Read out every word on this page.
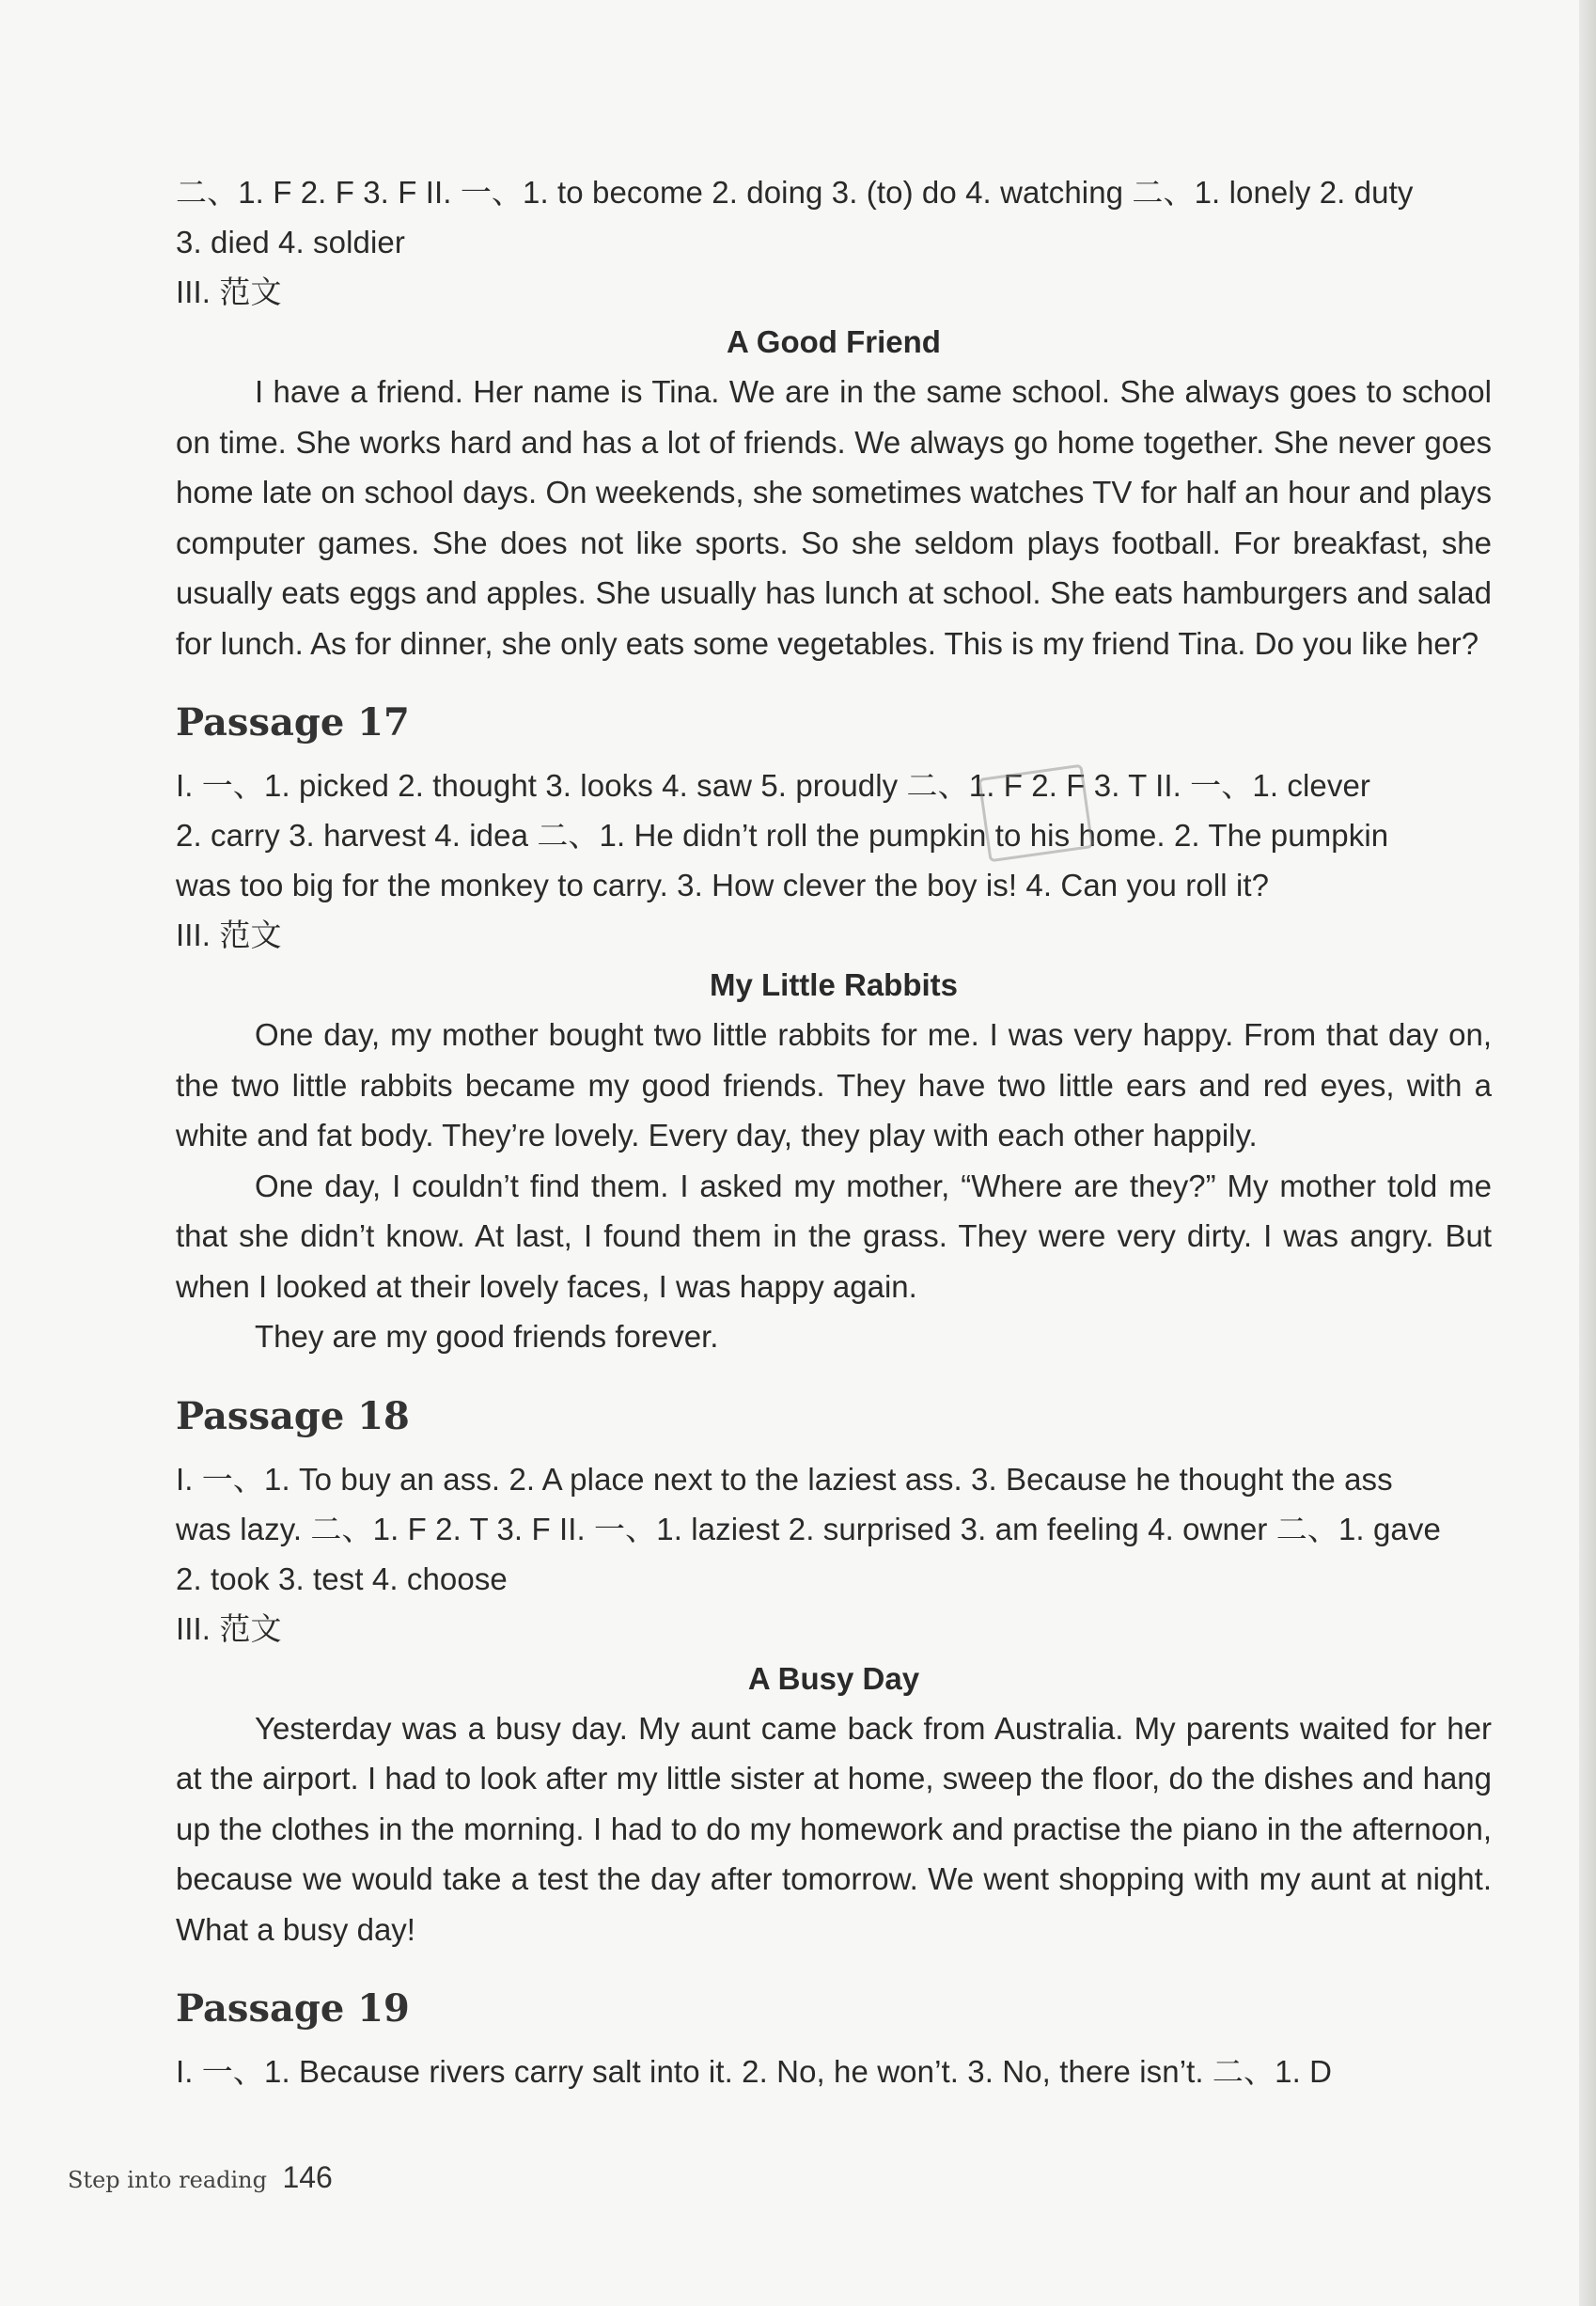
二、1. F 2. F 3. F II. 一、1. to become 2. doing 3. (to) do 4. watching 二、1. lonely 2. duty

3. died 4. soldier

III. 范文

A Good Friend

I have a friend. Her name is Tina. We are in the same school. She always goes to school on time. She works hard and has a lot of friends. We always go home together. She never goes home late on school days. On weekends, she sometimes watches TV for half an hour and plays computer games. She does not like sports. So she seldom plays football. For breakfast, she usually eats eggs and apples. She usually has lunch at school. She eats hamburgers and salad for lunch. As for dinner, she only eats some vegetables. This is my friend Tina. Do you like her?

Passage 17

I. 一、1. picked 2. thought 3. looks 4. saw 5. proudly 二、1. F 2. F 3. T II. 一、1. clever

2. carry 3. harvest 4. idea 二、1. He didn’t roll the pumpkin to his home. 2. The pumpkin

was too big for the monkey to carry. 3. How clever the boy is! 4. Can you roll it?

III. 范文

My Little Rabbits

One day, my mother bought two little rabbits for me. I was very happy. From that day on, the two little rabbits became my good friends. They have two little ears and red eyes, with a white and fat body. They’re lovely. Every day, they play with each other happily.

One day, I couldn’t find them. I asked my mother, “Where are they?” My mother told me that she didn’t know. At last, I found them in the grass. They were very dirty. I was angry. But when I looked at their lovely faces, I was happy again.

They are my good friends forever.

Passage 18

I. 一、1. To buy an ass. 2. A place next to the laziest ass. 3. Because he thought the ass

was lazy. 二、1. F 2. T 3. F II. 一、1. laziest 2. surprised 3. am feeling 4. owner 二、1. gave

2. took 3. test 4. choose

III. 范文

A Busy Day

Yesterday was a busy day. My aunt came back from Australia. My parents waited for her at the airport. I had to look after my little sister at home, sweep the floor, do the dishes and hang up the clothes in the morning. I had to do my homework and practise the piano in the afternoon, because we would take a test the day after tomorrow. We went shopping with my aunt at night. What a busy day!

Passage 19

I. 一、1. Because rivers carry salt into it. 2. No, he won’t. 3. No, there isn’t. 二、1. D

Step into reading 146
